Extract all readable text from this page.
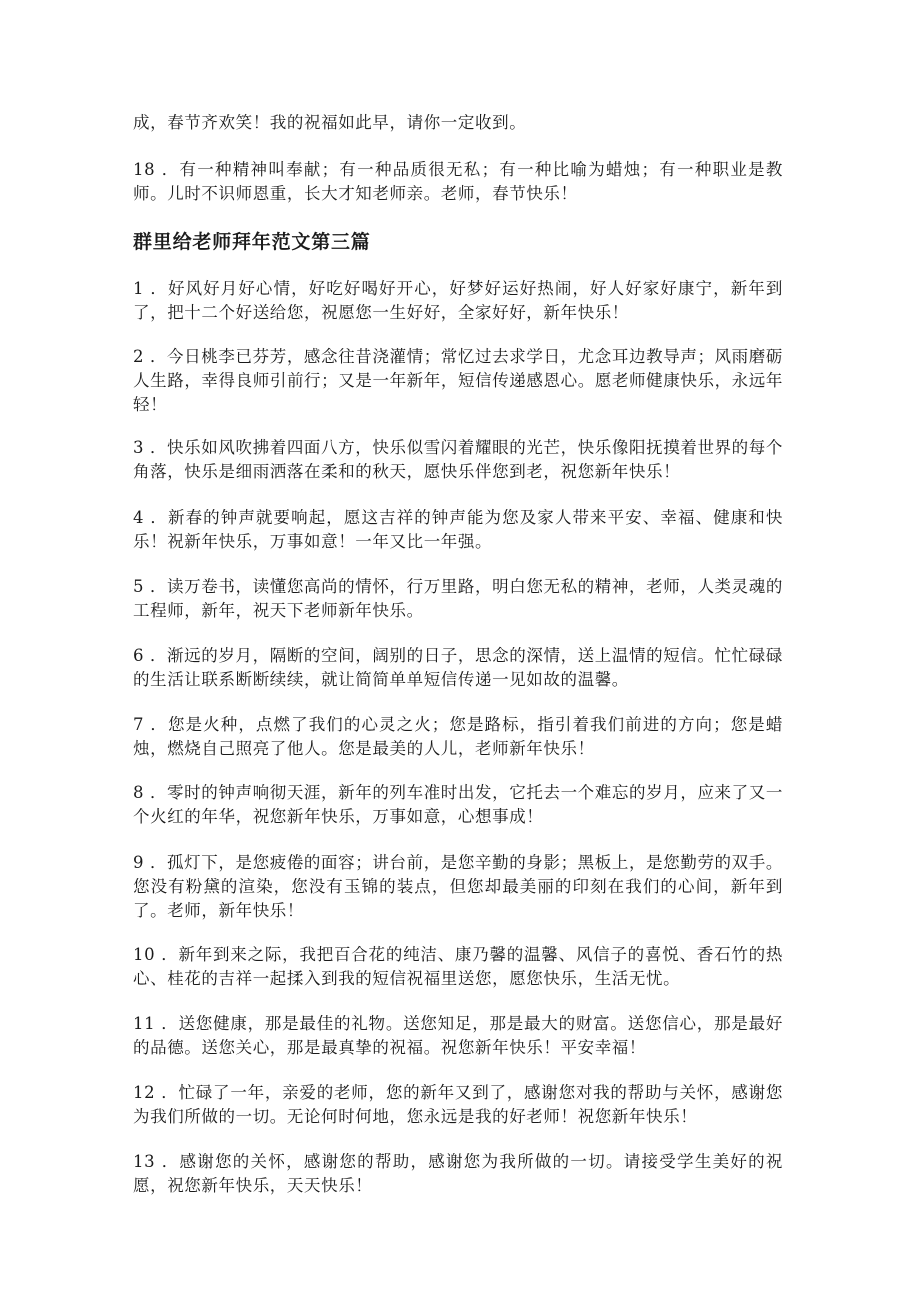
成，春节齐欢笑！我的祝福如此早，请你一定收到。

18 ．有一种精神叫奉献；有一种品质很无私；有一种比喻为蜡烛；有一种职业是教师。儿时不识师恩重，长大才知老师亲。老师，春节快乐！

群里给老师拜年范文第三篇

1 ．好风好月好心情，好吃好喝好开心，好梦好运好热闹，好人好家好康宁，新年到了，把十二个好送给您，祝愿您一生好好，全家好好，新年快乐！

2 ．今日桃李已芬芳，感念往昔浇灌情；常忆过去求学日，尤念耳边教导声；风雨磨砺人生路，幸得良师引前行；又是一年新年，短信传递感恩心。愿老师健康快乐，永远年轻！

3 ．快乐如风吹拂着四面八方，快乐似雪闪着耀眼的光芒，快乐像阳抚摸着世界的每个角落，快乐是细雨洒落在柔和的秋天，愿快乐伴您到老，祝您新年快乐！

4 ．新春的钟声就要响起，愿这吉祥的钟声能为您及家人带来平安、幸福、健康和快乐！祝新年快乐，万事如意！一年又比一年强。

5 ．读万卷书，读懂您高尚的情怀，行万里路，明白您无私的精神，老师，人类灵魂的工程师，新年，祝天下老师新年快乐。

6 ．渐远的岁月，隔断的空间，阔别的日子，思念的深情，送上温情的短信。忙忙碌碌的生活让联系断断续续，就让简简单单短信传递一见如故的温馨。

7 ．您是火种，点燃了我们的心灵之火；您是路标，指引着我们前进的方向；您是蜡烛，燃烧自己照亮了他人。您是最美的人儿，老师新年快乐！

8 ．零时的钟声响彻天涯，新年的列车准时出发，它托去一个难忘的岁月，应来了又一个火红的年华，祝您新年快乐，万事如意，心想事成！

9 ．孤灯下，是您疲倦的面容；讲台前，是您辛勤的身影；黑板上，是您勤劳的双手。您没有粉黛的渲染，您没有玉锦的装点，但您却最美丽的印刻在我们的心间，新年到了。老师，新年快乐！

10 ．新年到来之际，我把百合花的纯洁、康乃馨的温馨、风信子的喜悦、香石竹的热心、桂花的吉祥一起揉入到我的短信祝福里送您，愿您快乐，生活无忧。

11 ．送您健康，那是最佳的礼物。送您知足，那是最大的财富。送您信心，那是最好的品德。送您关心，那是最真挚的祝福。祝您新年快乐！平安幸福！

12 ．忙碌了一年，亲爱的老师，您的新年又到了，感谢您对我的帮助与关怀，感谢您为我们所做的一切。无论何时何地，您永远是我的好老师！祝您新年快乐！

13 ．感谢您的关怀，感谢您的帮助，感谢您为我所做的一切。请接受学生美好的祝愿，祝您新年快乐，天天快乐！
